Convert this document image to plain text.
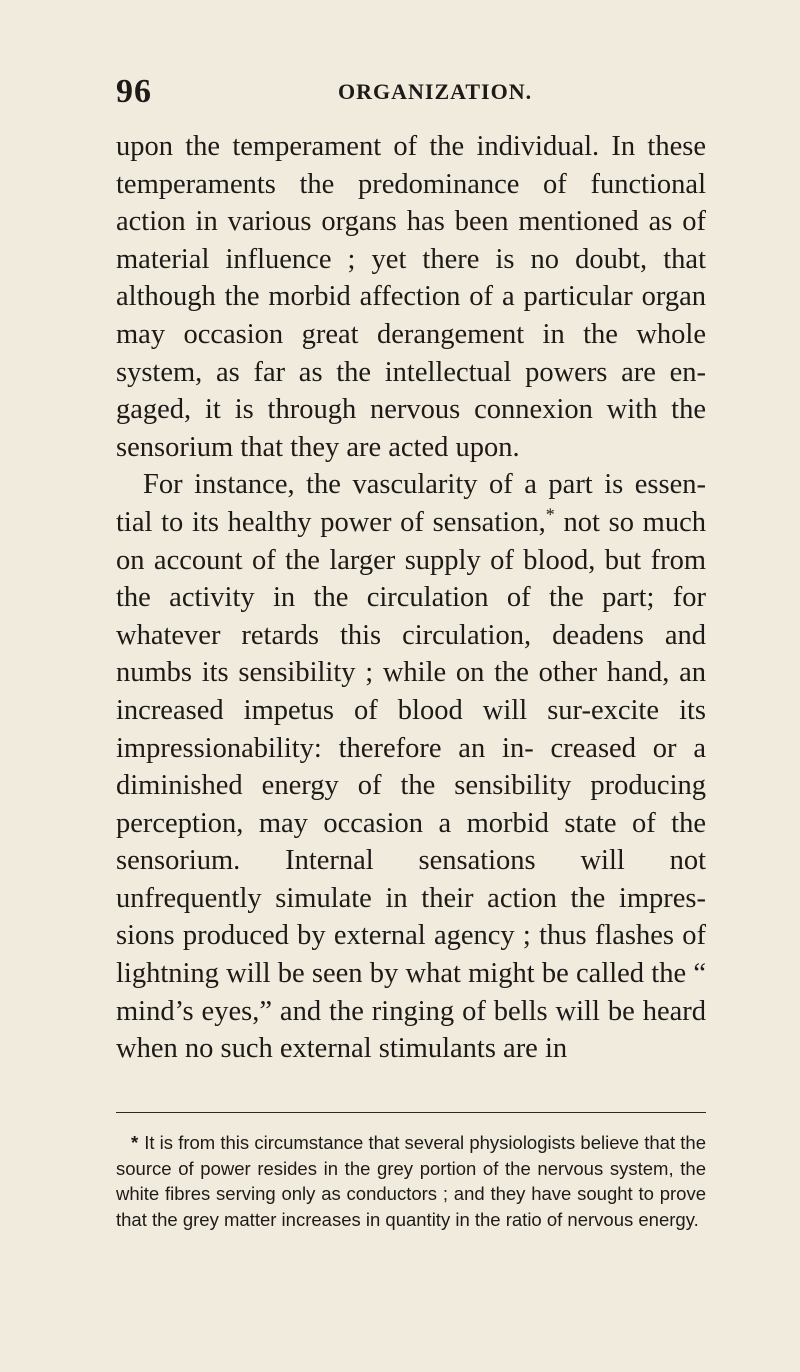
96	ORGANIZATION.

upon the temperament of the individual. In these temperaments the predominance of functional action in various organs has been mentioned as of material influence ; yet there is no doubt, that although the morbid affection of a particular organ may occasion great derangement in the whole system, as far as the intellectual powers are en- gaged, it is through nervous connexion with the sensorium that they are acted upon.

For instance, the vascularity of a part is essen- tial to its healthy power of sensation,* not so much on account of the larger supply of blood, but from the activity in the circulation of the part; for whatever retards this circulation, deadens and numbs its sensibility ; while on the other hand, an increased impetus of blood will sur-excite its impressionability: therefore an in- creased or a diminished energy of the sensibility producing perception, may occasion a morbid state of the sensorium. Internal sensations will not unfrequently simulate in their action the impres- sions produced by external agency ; thus flashes of lightning will be seen by what might be called the “ mind’s eyes,” and the ringing of bells will be heard when no such external stimulants are in

* It is from this circumstance that several physiologists believe that the source of power resides in the grey portion of the nervous system, the white fibres serving only as conductors ; and they have sought to prove that the grey matter increases in quantity in the ratio of nervous energy.
